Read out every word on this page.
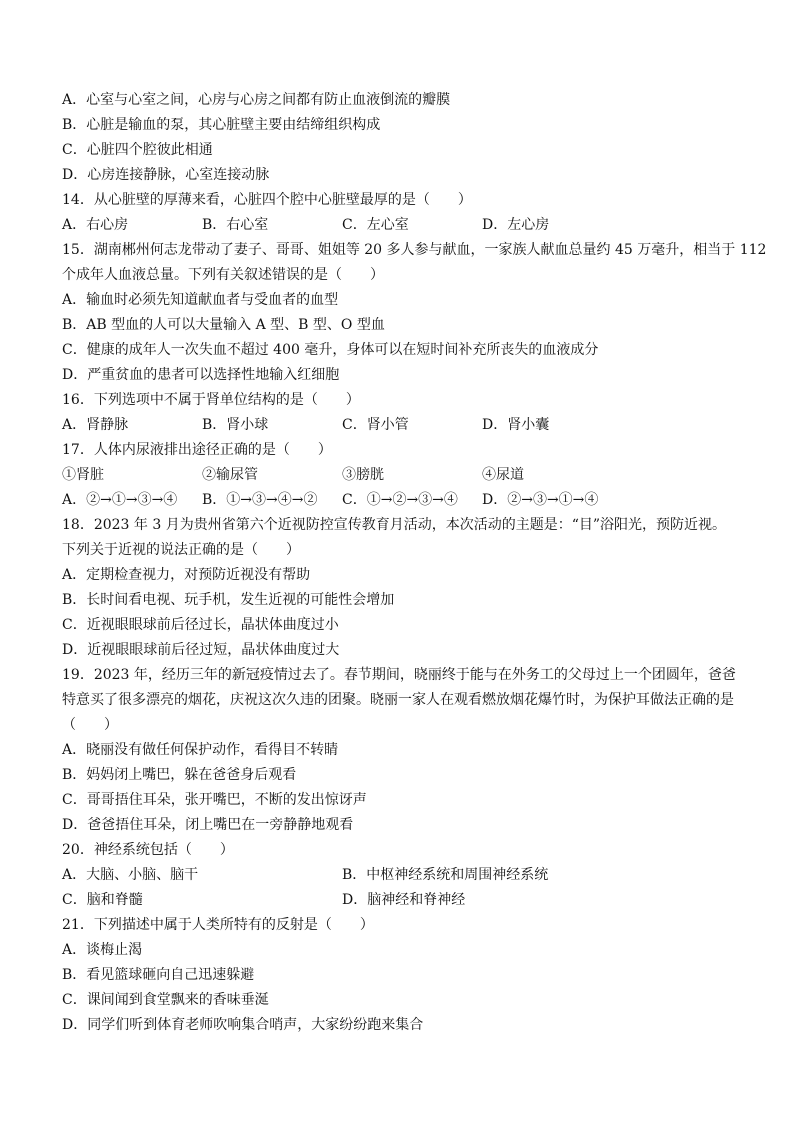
A．心室与心室之间，心房与心房之间都有防止血液倒流的瓣膜
B．心脏是输血的泵，其心脏壁主要由结缔组织构成
C．心脏四个腔彼此相通
D．心房连接静脉，心室连接动脉
14．从心脏壁的厚薄来看，心脏四个腔中心脏壁最厚的是（　　）
A．右心房	B．右心室	C．左心室	D．左心房
15．湖南郴州何志龙带动了妻子、哥哥、姐姐等 20 多人参与献血，一家族人献血总量约 45 万毫升，相当于 112
个成年人血液总量。下列有关叙述错误的是（　　）
A．输血时必须先知道献血者与受血者的血型
B．AB 型血的人可以大量输入 A 型、B 型、O 型血
C．健康的成年人一次失血不超过 400 毫升，身体可以在短时间补充所丧失的血液成分
D．严重贫血的患者可以选择性地输入红细胞
16．下列选项中不属于肾单位结构的是（　　）
A．肾静脉	B．肾小球	C．肾小管	D．肾小囊
17．人体内尿液排出途径正确的是（　　）
①肾脏	②输尿管	③膀胱	④尿道
A．②→①→③→④	B．①→③→④→②	C．①→②→③→④	D．②→③→①→④
18．2023 年 3 月为贵州省第六个近视防控宣传教育月活动，本次活动的主题是：“目”浴阳光，预防近视。
下列关于近视的说法正确的是（　　）
A．定期检查视力，对预防近视没有帮助
B．长时间看电视、玩手机，发生近视的可能性会增加
C．近视眼眼球前后径过长，晶状体曲度过小
D．近视眼眼球前后径过短，晶状体曲度过大
19．2023 年，经历三年的新冠疫情过去了。春节期间，晓丽终于能与在外务工的父母过上一个团圆年，爸爸
特意买了很多漂亮的烟花，庆祝这次久违的团聚。晓丽一家人在观看燃放烟花爆竹时，为保护耳做法正确的是
（　　）
A．晓丽没有做任何保护动作，看得目不转睛
B．妈妈闭上嘴巴，躲在爸爸身后观看
C．哥哥捂住耳朵，张开嘴巴，不断的发出惊讶声
D．爸爸捂住耳朵，闭上嘴巴在一旁静静地观看
20．神经系统包括（　　）
A．大脑、小脑、脑干	B．中枢神经系统和周围神经系统
C．脑和脊髓	D．脑神经和脊神经
21．下列描述中属于人类所特有的反射是（　　）
A．谈梅止渴
B．看见篮球砸向自己迅速躲避
C．课间闻到食堂飘来的香味垂涎
D．同学们听到体育老师吹响集合哨声，大家纷纷跑来集合
